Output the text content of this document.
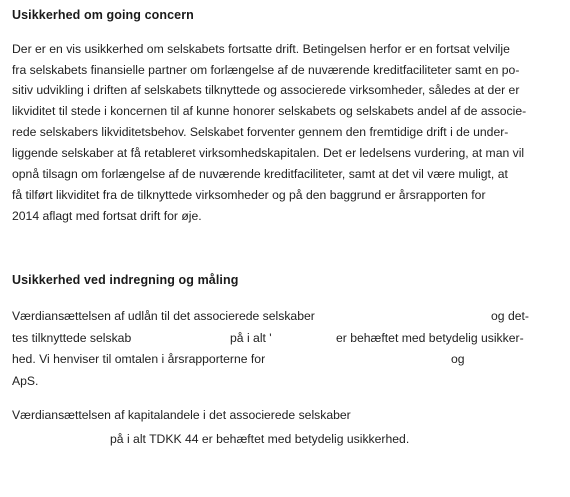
Usikkerhed om going concern
Der er en vis usikkerhed om selskabets fortsatte drift. Betingelsen herfor er en fortsat velvilje
fra selskabets finansielle partner om forlængelse af de nuværende kreditfaciliteter samt en po-
sitiv udvikling i driften af selskabets tilknyttede og associerede virksomheder, således at der er
likviditet til stede i koncernen til af kunne honorer selskabets og selskabets andel af de associe-
rede selskabers likviditetsbehov. Selskabet forventer gennem den fremtidige drift i de under-
liggende selskaber at få retableret virksomhedskapitalen. Det er ledelsens vurdering, at man vil
opnå tilsagn om forlængelse af de nuværende kreditfaciliteter, samt at det vil være muligt, at
få tilført likviditet fra de tilknyttede virksomheder og på den baggrund er årsrapporten for
2014 aflagt med fortsat drift for øje.
Usikkerhed ved indregning og måling
Værdiansættelsen af udlån til det associerede selskaber	og det-
tes tilknyttede selskab	på i alt '	er behæftet med betydelig usikker-
hed. Vi henviser til omtalen i årsrapporterne for	og
ApS.
Værdiansættelsen af kapitalandele i det associerede selskaber
på i alt TDKK 44 er behæftet med betydelig usikkerhed.
